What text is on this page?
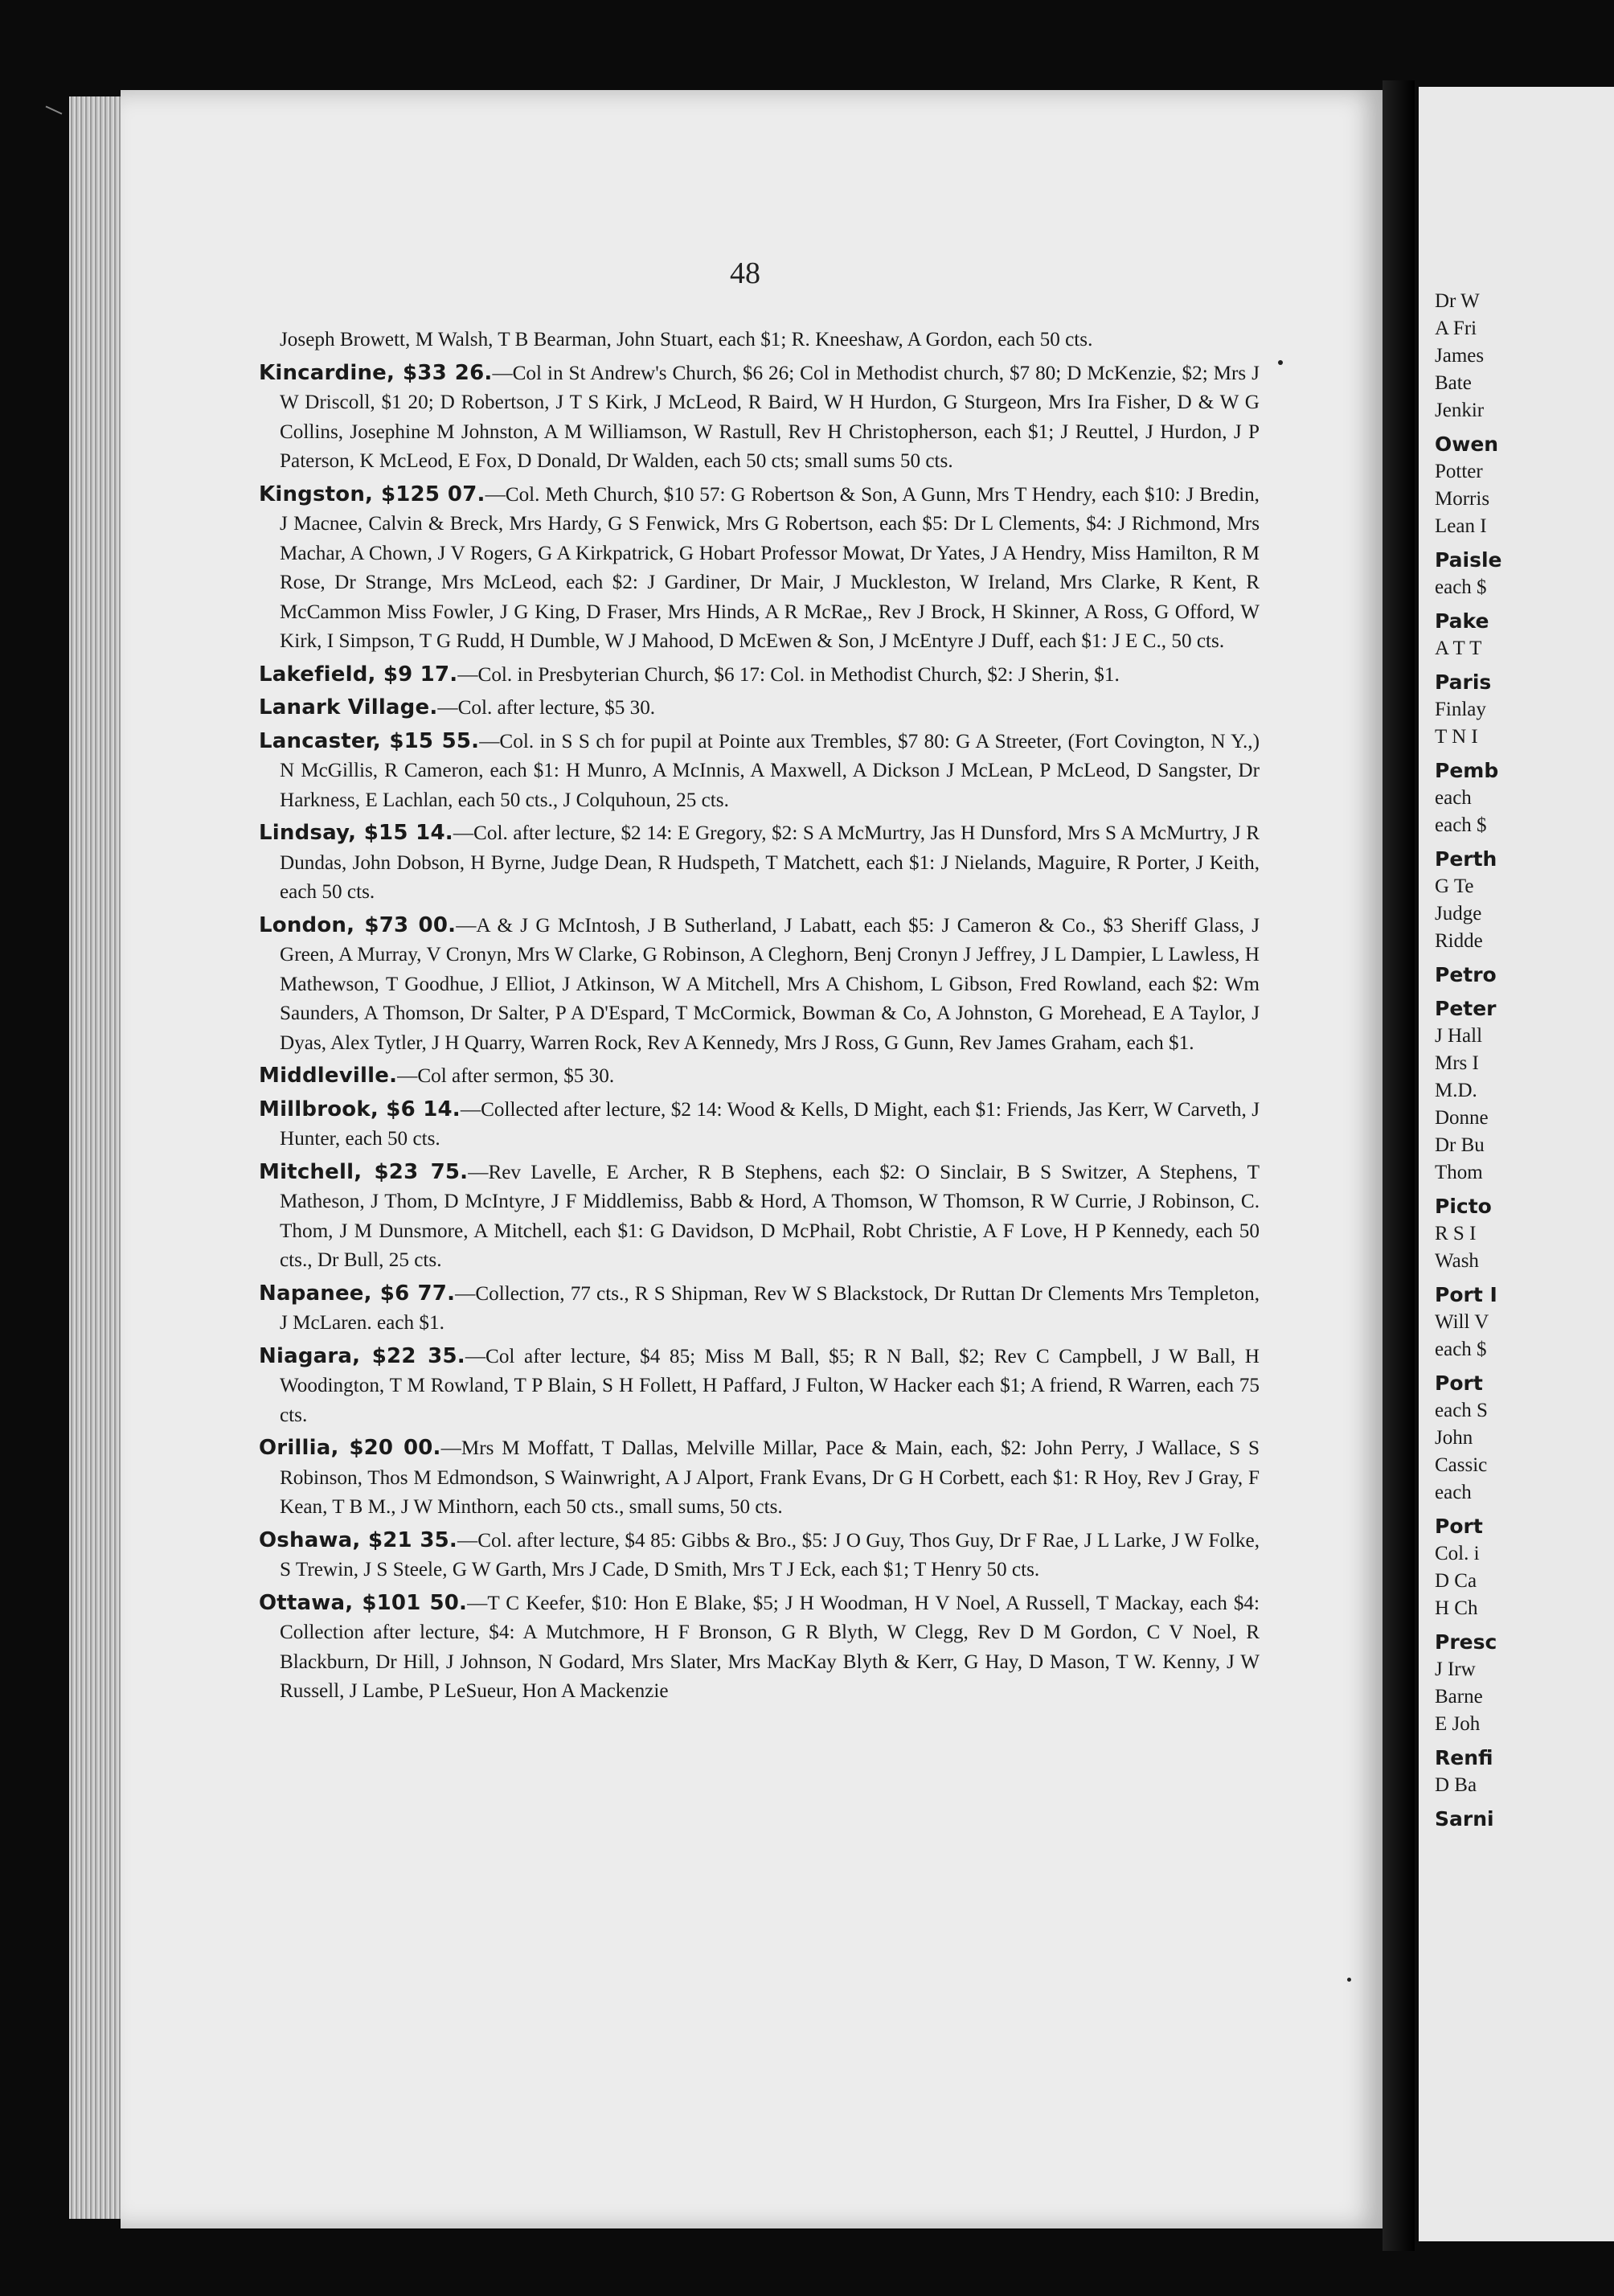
Dr W
A Fri
James
Bate
Jenkir
Owen
Potter
Morris
Lean I
Paisle
each $
Pake
A T T
Paris
Finlay
T N I
Pemb
each
each $
Perth
G Te
Judge
Ridde
Petro
Peter
J Hall
Mrs I
M.D.
Donne
Dr Bu
Thom
Picto
R S I
Wash
Port I
Will V
each $
Port
each S
John
Cassic
each
Port
Col. i
D Ca
H Ch
Presc
J Irw
Barne
E Joh
Renfi
D Ba
Sarni
48

Joseph Browett, M Walsh, T B Bearman, John Stuart, each $1; R. Kneeshaw, A Gordon, each 50 cts.

Kincardine, $33 26.—Col in St Andrew's Church, $6 26; Col in Methodist church, $7 80; D McKenzie, $2; Mrs J W Driscoll, $1 20; D Robertson, J T S Kirk, J McLeod, R Baird, W H Hurdon, G Sturgeon, Mrs Ira Fisher, D & W G Collins, Josephine M Johnston, A M Williamson, W Rastull, Rev H Christopherson, each $1; J Reuttel, J Hurdon, J P Paterson, K McLeod, E Fox, D Donald, Dr Walden, each 50 cts; small sums 50 cts.

Kingston, $125 07.—Col. Meth Church, $10 57: G Robertson & Son, A Gunn, Mrs T Hendry, each $10: J Bredin, J Macnee, Calvin & Breck, Mrs Hardy, G S Fenwick, Mrs G Robertson, each $5: Dr L Clements, $4: J Richmond, Mrs Machar, A Chown, J V Rogers, G A Kirkpatrick, G Hobart Professor Mowat, Dr Yates, J A Hendry, Miss Hamilton, R M Rose, Dr Strange, Mrs McLeod, each $2: J Gardiner, Dr Mair, J Muckleston, W Ireland, Mrs Clarke, R Kent, R McCammon Miss Fowler, J G King, D Fraser, Mrs Hinds, A R McRae,, Rev J Brock, H Skinner, A Ross, G Offord, W Kirk, I Simpson, T G Rudd, H Dumble, W J Mahood, D McEwen & Son, J McEntyre J Duff, each $1: J E C., 50 cts.

Lakefield, $9 17.—Col. in Presbyterian Church, $6 17: Col. in Methodist Church, $2: J Sherin, $1.

Lanark Village.—Col. after lecture, $5 30.

Lancaster, $15 55.—Col. in S S ch for pupil at Pointe aux Trembles, $7 80: G A Streeter, (Fort Covington, N Y.,) N McGillis, R Cameron, each $1: H Munro, A McInnis, A Maxwell, A Dickson J McLean, P McLeod, D Sangster, Dr Harkness, E Lachlan, each 50 cts., J Colquhoun, 25 cts.

Lindsay, $15 14.—Col. after lecture, $2 14: E Gregory, $2: S A McMurtry, Jas H Dunsford, Mrs S A McMurtry, J R Dundas, John Dobson, H Byrne, Judge Dean, R Hudspeth, T Matchett, each $1: J Nielands, Maguire, R Porter, J Keith, each 50 cts.

London, $73 00.—A & J G McIntosh, J B Sutherland, J Labatt, each $5: J Cameron & Co., $3 Sheriff Glass, J Green, A Murray, V Cronyn, Mrs W Clarke, G Robinson, A Cleghorn, Benj Cronyn J Jeffrey, J L Dampier, L Lawless, H Mathewson, T Goodhue, J Elliot, J Atkinson, W A Mitchell, Mrs A Chishom, L Gibson, Fred Rowland, each $2: Wm Saunders, A Thomson, Dr Salter, P A D'Espard, T McCormick, Bowman & Co, A Johnston, G Morehead, E A Taylor, J Dyas, Alex Tytler, J H Quarry, Warren Rock, Rev A Kennedy, Mrs J Ross, G Gunn, Rev James Graham, each $1.

Middleville.—Col after sermon, $5 30.

Millbrook, $6 14.—Collected after lecture, $2 14: Wood & Kells, D Might, each $1: Friends, Jas Kerr, W Carveth, J Hunter, each 50 cts.

Mitchell, $23 75.—Rev Lavelle, E Archer, R B Stephens, each $2: O Sinclair, B S Switzer, A Stephens, T Matheson, J Thom, D McIntyre, J F Middlemiss, Babb & Hord, A Thomson, W Thomson, R W Currie, J Robinson, C. Thom, J M Dunsmore, A Mitchell, each $1: G Davidson, D McPhail, Robt Christie, A F Love, H P Kennedy, each 50 cts., Dr Bull, 25 cts.

Napanee, $6 77.—Collection, 77 cts., R S Shipman, Rev W S Blackstock, Dr Ruttan Dr Clements Mrs Templeton, J McLaren. each $1.

Niagara, $22 35.—Col after lecture, $4 85; Miss M Ball, $5; R N Ball, $2; Rev C Campbell, J W Ball, H Woodington, T M Rowland, T P Blain, S H Follett, H Paffard, J Fulton, W Hacker each $1; A friend, R Warren, each 75 cts.

Orillia, $20 00.—Mrs M Moffatt, T Dallas, Melville Millar, Pace & Main, each, $2: John Perry, J Wallace, S S Robinson, Thos M Edmondson, S Wainwright, A J Alport, Frank Evans, Dr G H Corbett, each $1: R Hoy, Rev J Gray, F Kean, T B M., J W Minthorn, each 50 cts., small sums, 50 cts.

Oshawa, $21 35.—Col. after lecture, $4 85: Gibbs & Bro., $5: J O Guy, Thos Guy, Dr F Rae, J L Larke, J W Folke, S Trewin, J S Steele, G W Garth, Mrs J Cade, D Smith, Mrs T J Eck, each $1; T Henry 50 cts.

Ottawa, $101 50.—T C Keefer, $10: Hon E Blake, $5; J H Woodman, H V Noel, A Russell, T Mackay, each $4: Collection after lecture, $4: A Mutchmore, H F Bronson, G R Blyth, W Clegg, Rev D M Gordon, C V Noel, R Blackburn, Dr Hill, J Johnson, N Godard, Mrs Slater, Mrs MacKay Blyth & Kerr, G Hay, D Mason, T W. Kenny, J W Russell, J Lambe, P LeSueur, Hon A Mackenzie
